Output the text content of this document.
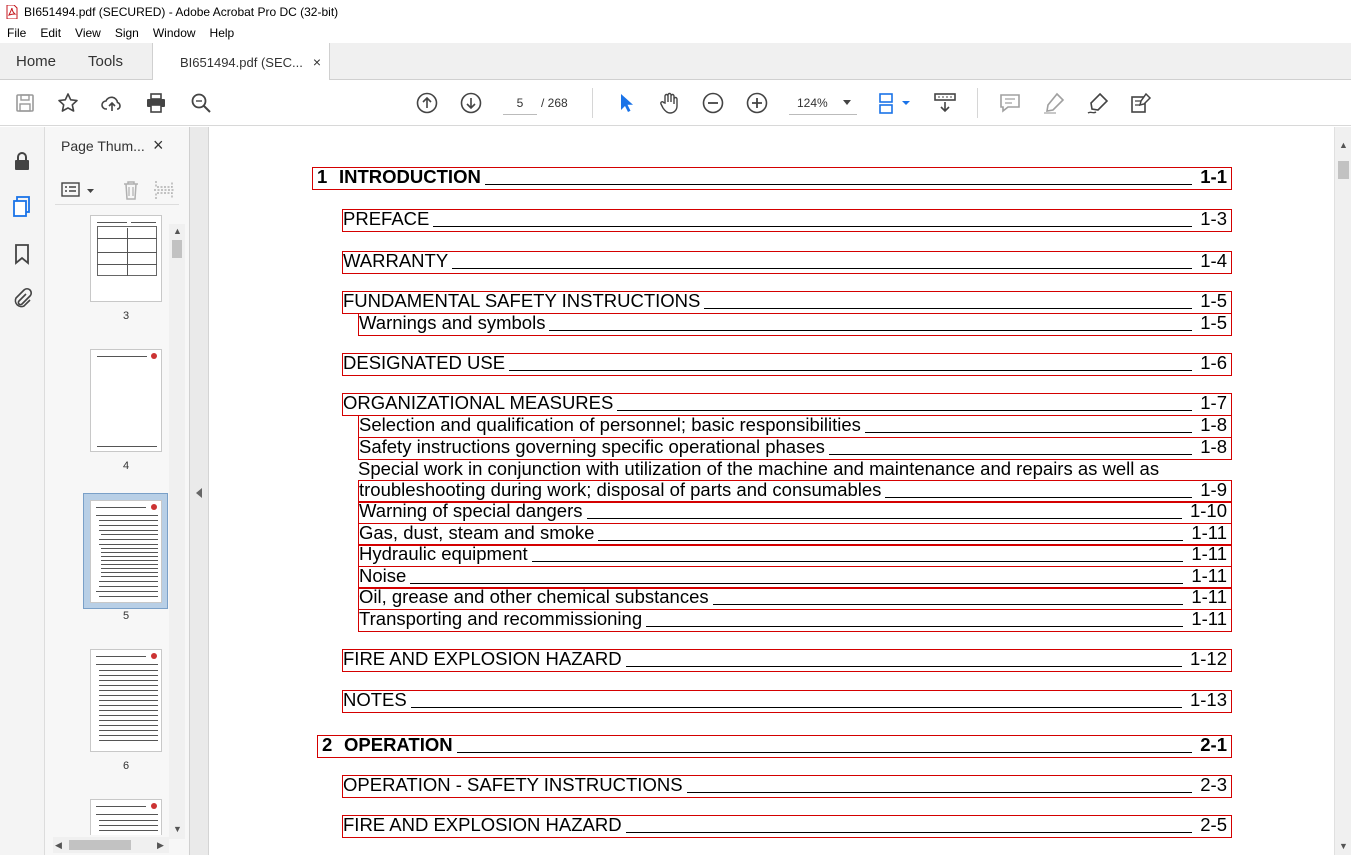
BI651494.pdf (SECURED) - Adobe Acrobat Pro DC (32-bit)
File	Edit	View	Sign	Window	Help
Home Tools	BI651494.pdf (SEC... ×
5
/ 268	124%
Page Thum... ×
3
4
5
6
▲
▼
◀	▶
1 INTRODUCTION	1-1
PREFACE	1-3
WARRANTY	1-4
FUNDAMENTAL SAFETY INSTRUCTIONS	1-5
Warnings and symbols	1-5
DESIGNATED USE	1-6
ORGANIZATIONAL MEASURES	1-7
Selection and qualification of personnel; basic responsibilities	1-8
Safety instructions governing specific operational phases	1-8
Special work in conjunction with utilization of the machine and maintenance and repairs as well as
troubleshooting during work; disposal of parts and consumables	1-9
Warning of special dangers	1-10
Gas, dust, steam and smoke	1-11
Hydraulic equipment	1-11
Noise	1-11
Oil, grease and other chemical substances	1-11
Transporting and recommissioning	1-11
FIRE AND EXPLOSION HAZARD	1-12
NOTES	1-13
2 OPERATION	2-1
OPERATION - SAFETY INSTRUCTIONS	2-3
FIRE AND EXPLOSION HAZARD	2-5
▲
▼
